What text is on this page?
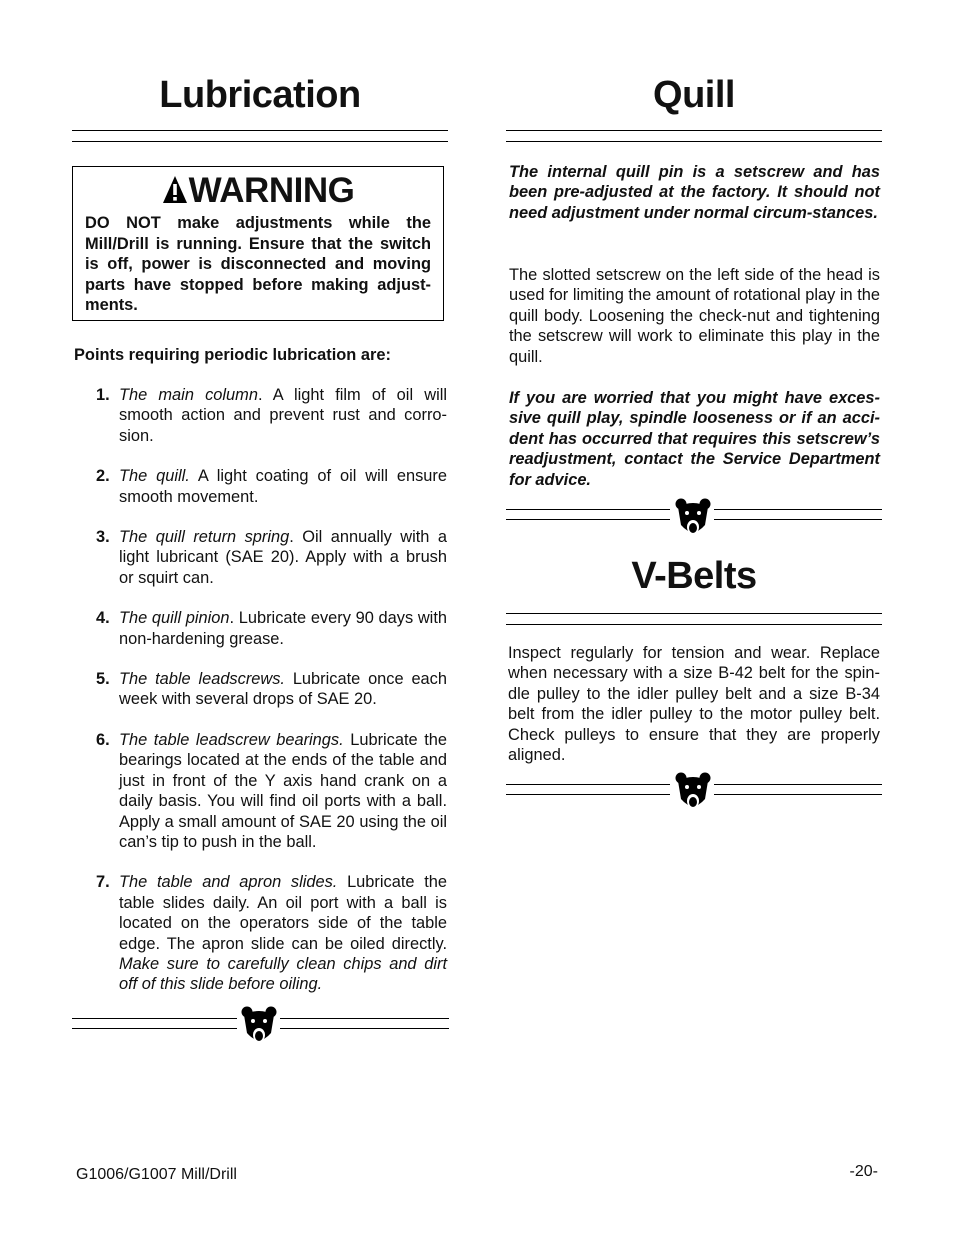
Lubrication
WARNING
DO NOT make adjustments while the Mill/Drill is running. Ensure that the switch is off, power is disconnected and moving parts have stopped before making adjust-ments.

Points requiring periodic lubrication are:

1. The main column. A light film of oil will smooth action and prevent rust and corro-sion.
2. The quill. A light coating of oil will ensure smooth movement.
3. The quill return spring. Oil annually with a light lubricant (SAE 20). Apply with a brush or squirt can.
4. The quill pinion. Lubricate every 90 days with non-hardening grease.
5. The table leadscrews. Lubricate once each week with several drops of SAE 20.
6. The table leadscrew bearings. Lubricate the bearings located at the ends of the table and just in front of the Y axis hand crank on a daily basis. You will find oil ports with a ball. Apply a small amount of SAE 20 using the oil can’s tip to push in the ball.
7. The table and apron slides. Lubricate the table slides daily. An oil port with a ball is located on the operators side of the table edge. The apron slide can be oiled directly. Make sure to carefully clean chips and dirt off of this slide before oiling.
Quill

The internal quill pin is a setscrew and has been pre-adjusted at the factory. It should not need adjustment under normal circum-stances.

The slotted setscrew on the left side of the head is used for limiting the amount of rotational play in the quill body. Loosening the check-nut and tightening the setscrew will work to eliminate this play in the quill.

If you are worried that you might have exces-sive quill play, spindle looseness or if an acci-dent has occurred that requires this setscrew’s readjustment, contact the Service Department for advice.

V-Belts

Inspect regularly for tension and wear. Replace when necessary with a size B-42 belt for the spin-dle pulley to the idler pulley belt and a size B-34 belt from the idler pulley to the motor pulley belt. Check pulleys to ensure that they are properly aligned.

G1006/G1007 Mill/Drill	-20-
